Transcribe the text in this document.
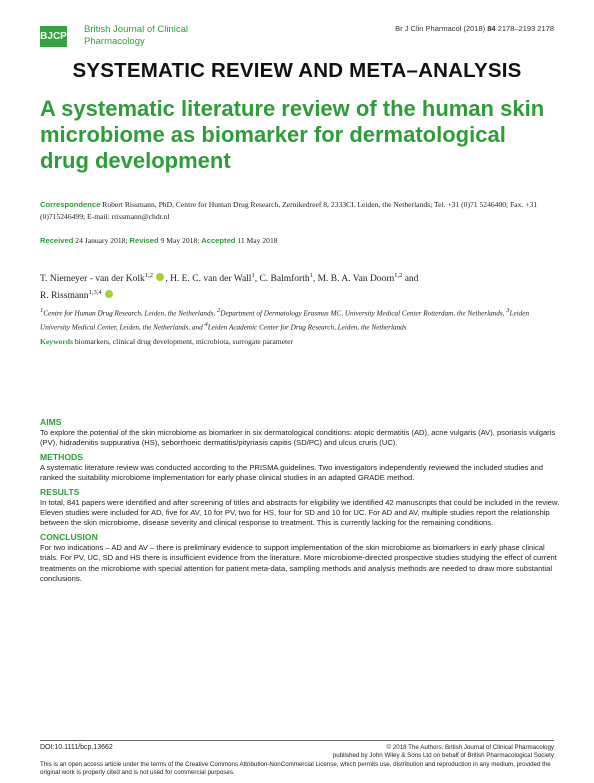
BJCP
British Journal of Clinical
Pharmacology
Br J Clin Pharmacol (2018) 84 2178–2193 2178
SYSTEMATIC REVIEW AND META–ANALYSIS
A systematic literature review of the human skin microbiome as biomarker for dermatological drug development
Correspondence Robert Rissmann, PhD, Centre for Human Drug Research, Zernikedreef 8, 2333CL Leiden, the Netherlands; Tel. +31 (0)71 5246400; Fax. +31 (0)715246499; E-mail: rrissmann@chdr.nl
Received 24 January 2018; Revised 9 May 2018; Accepted 11 May 2018
T. Niemeyer - van der Kolk$^{1,2}$ , H. E. C. van der Wall$^1$, C. Balmforth$^1$, M. B. A. Van Doorn$^{1,2}$ and
R. Rissmann$^{1,3,4}$
$^1$Centre for Human Drug Research, Leiden, the Netherlands, $^2$Department of Dermatology Erasmus MC, University Medical Center Rotterdam, the Netherlands, $^3$Leiden University Medical Center, Leiden, the Netherlands, and $^4$Leiden Academic Center for Drug Research, Leiden, the Netherlands
Keywords biomarkers, clinical drug development, microbiota, surrogate parameter
AIMS
To explore the potential of the skin microbiome as biomarker in six dermatological conditions: atopic dermatitis (AD), acne vulgaris (AV), psoriasis vulgaris (PV), hidradenitis suppurativa (HS), seborrhoeic dermatitis/pityriasis capitis (SD/PC) and ulcus cruris (UC).
METHODS
A systematic literature review was conducted according to the PRISMA guidelines. Two investigators independently reviewed the included studies and ranked the suitability microbiome implementation for early phase clinical studies in an adapted GRADE method.
RESULTS
In total, 841 papers were identified and after screening of titles and abstracts for eligibility we identified 42 manuscripts that could be included in the review. Eleven studies were included for AD, five for AV, 10 for PV, two for HS, four for SD and 10 for UC. For AD and AV, multiple studies report the relationship between the skin microbiome, disease severity and clinical response to treatment. This is currently lacking for the remaining conditions.
CONCLUSION
For two indications – AD and AV – there is preliminary evidence to support implementation of the skin microbiome as biomarkers in early phase clinical trials. For PV, UC, SD and HS there is insufficient evidence from the literature. More microbiome-directed prospective studies studying the effect of current treatments on the microbiome with special attention for patient meta-data, sampling methods and analysis methods are needed to draw more substantial conclusions.
DOI:10.1111/bcp.13662	© 2018 The Authors. British Journal of Clinical Pharmacology
published by John Wiley & Sons Ltd on behalf of British Pharmacological Society
This is an open access article under the terms of the Creative Commons Attribution-NonCommercial License, which permits use, distribution and reproduction in any medium, provided the original work is properly cited and is not used for commercial purposes.
